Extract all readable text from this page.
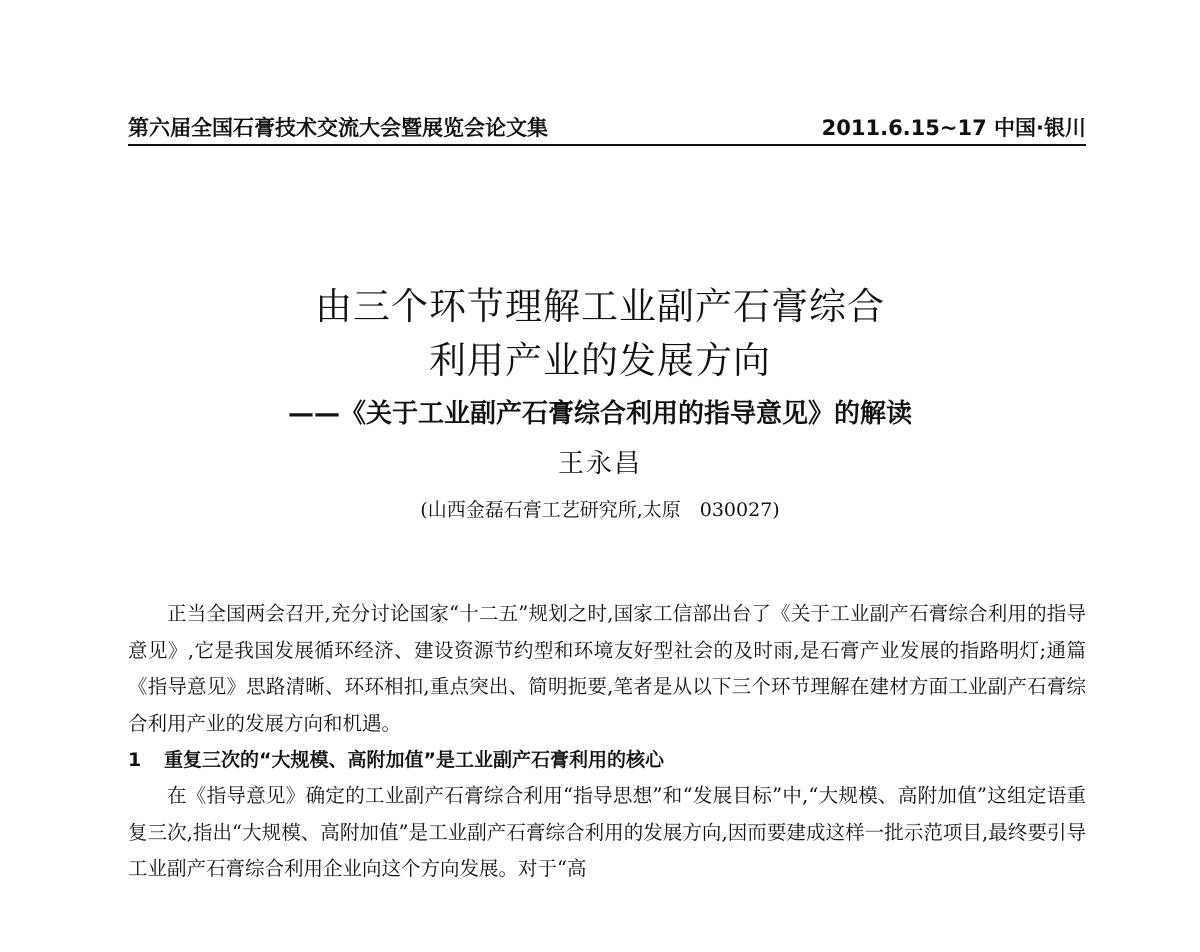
第六届全国石膏技术交流大会暨展览会论文集	2011.6.15~17 中国·银川
由三个环节理解工业副产石膏综合
利用产业的发展方向
——《关于工业副产石膏综合利用的指导意见》的解读
王永昌
(山西金磊石膏工艺研究所,太原　030027)

正当全国两会召开,充分讨论国家“十二五”规划之时,国家工信部出台了《关于工业副产石膏综合利用的指导意见》,它是我国发展循环经济、建设资源节约型和环境友好型社会的及时雨,是石膏产业发展的指路明灯;通篇《指导意见》思路清晰、环环相扣,重点突出、简明扼要,笔者是从以下三个环节理解在建材方面工业副产石膏综合利用产业的发展方向和机遇。

1 重复三次的“大规模、高附加值”是工业副产石膏利用的核心

在《指导意见》确定的工业副产石膏综合利用“指导思想”和“发展目标”中,“大规模、高附加值”这组定语重复三次,指出“大规模、高附加值”是工业副产石膏综合利用的发展方向,因而要建成这样一批示范项目,最终要引导工业副产石膏综合利用企业向这个方向发展。对于“高
